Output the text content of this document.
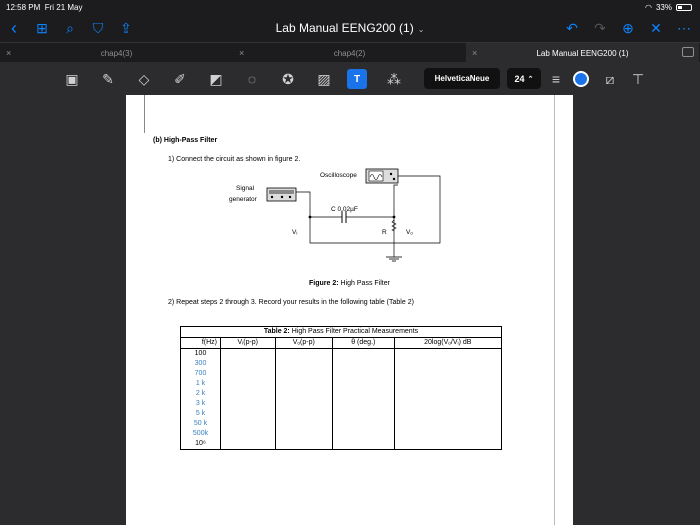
12:58 PM Fri 21 May	◠ 33%
‹	⊞	⌕	⛉	⇪	Lab Manual EENG200 (1) ⌄	↶ ↷ ⊕ ✕ ⋯
×	chap4(3)	×	chap4(2)	×	Lab Manual EENG200 (1)
▣ ✎	◇	✐ ◩	◌	✪ ▨	T	⁂	HelveticaNeue	24 ⌃	≡	⧄	⊤
(b) High-Pass Filter
1) Connect the circuit as shown in figure 2.
Oscilloscope
Signal
generator
C 0.02µF
Vᵢ	R	Vₒ
Figure 2: High Pass Filter
2) Repeat steps 2 through 3. Record your results in the following table (Table 2)
Table 2: High Pass Filter Practical Measurements				
f(Hz)	Vᵢ(p-p)	Vₒ(p-p)	θ (deg.)	20log(Vₒ/Vᵢ) dB
100				
300				
700				
1 k				
2 k				
3 k				
5 k				
50 k				
500k				
10⁶				
